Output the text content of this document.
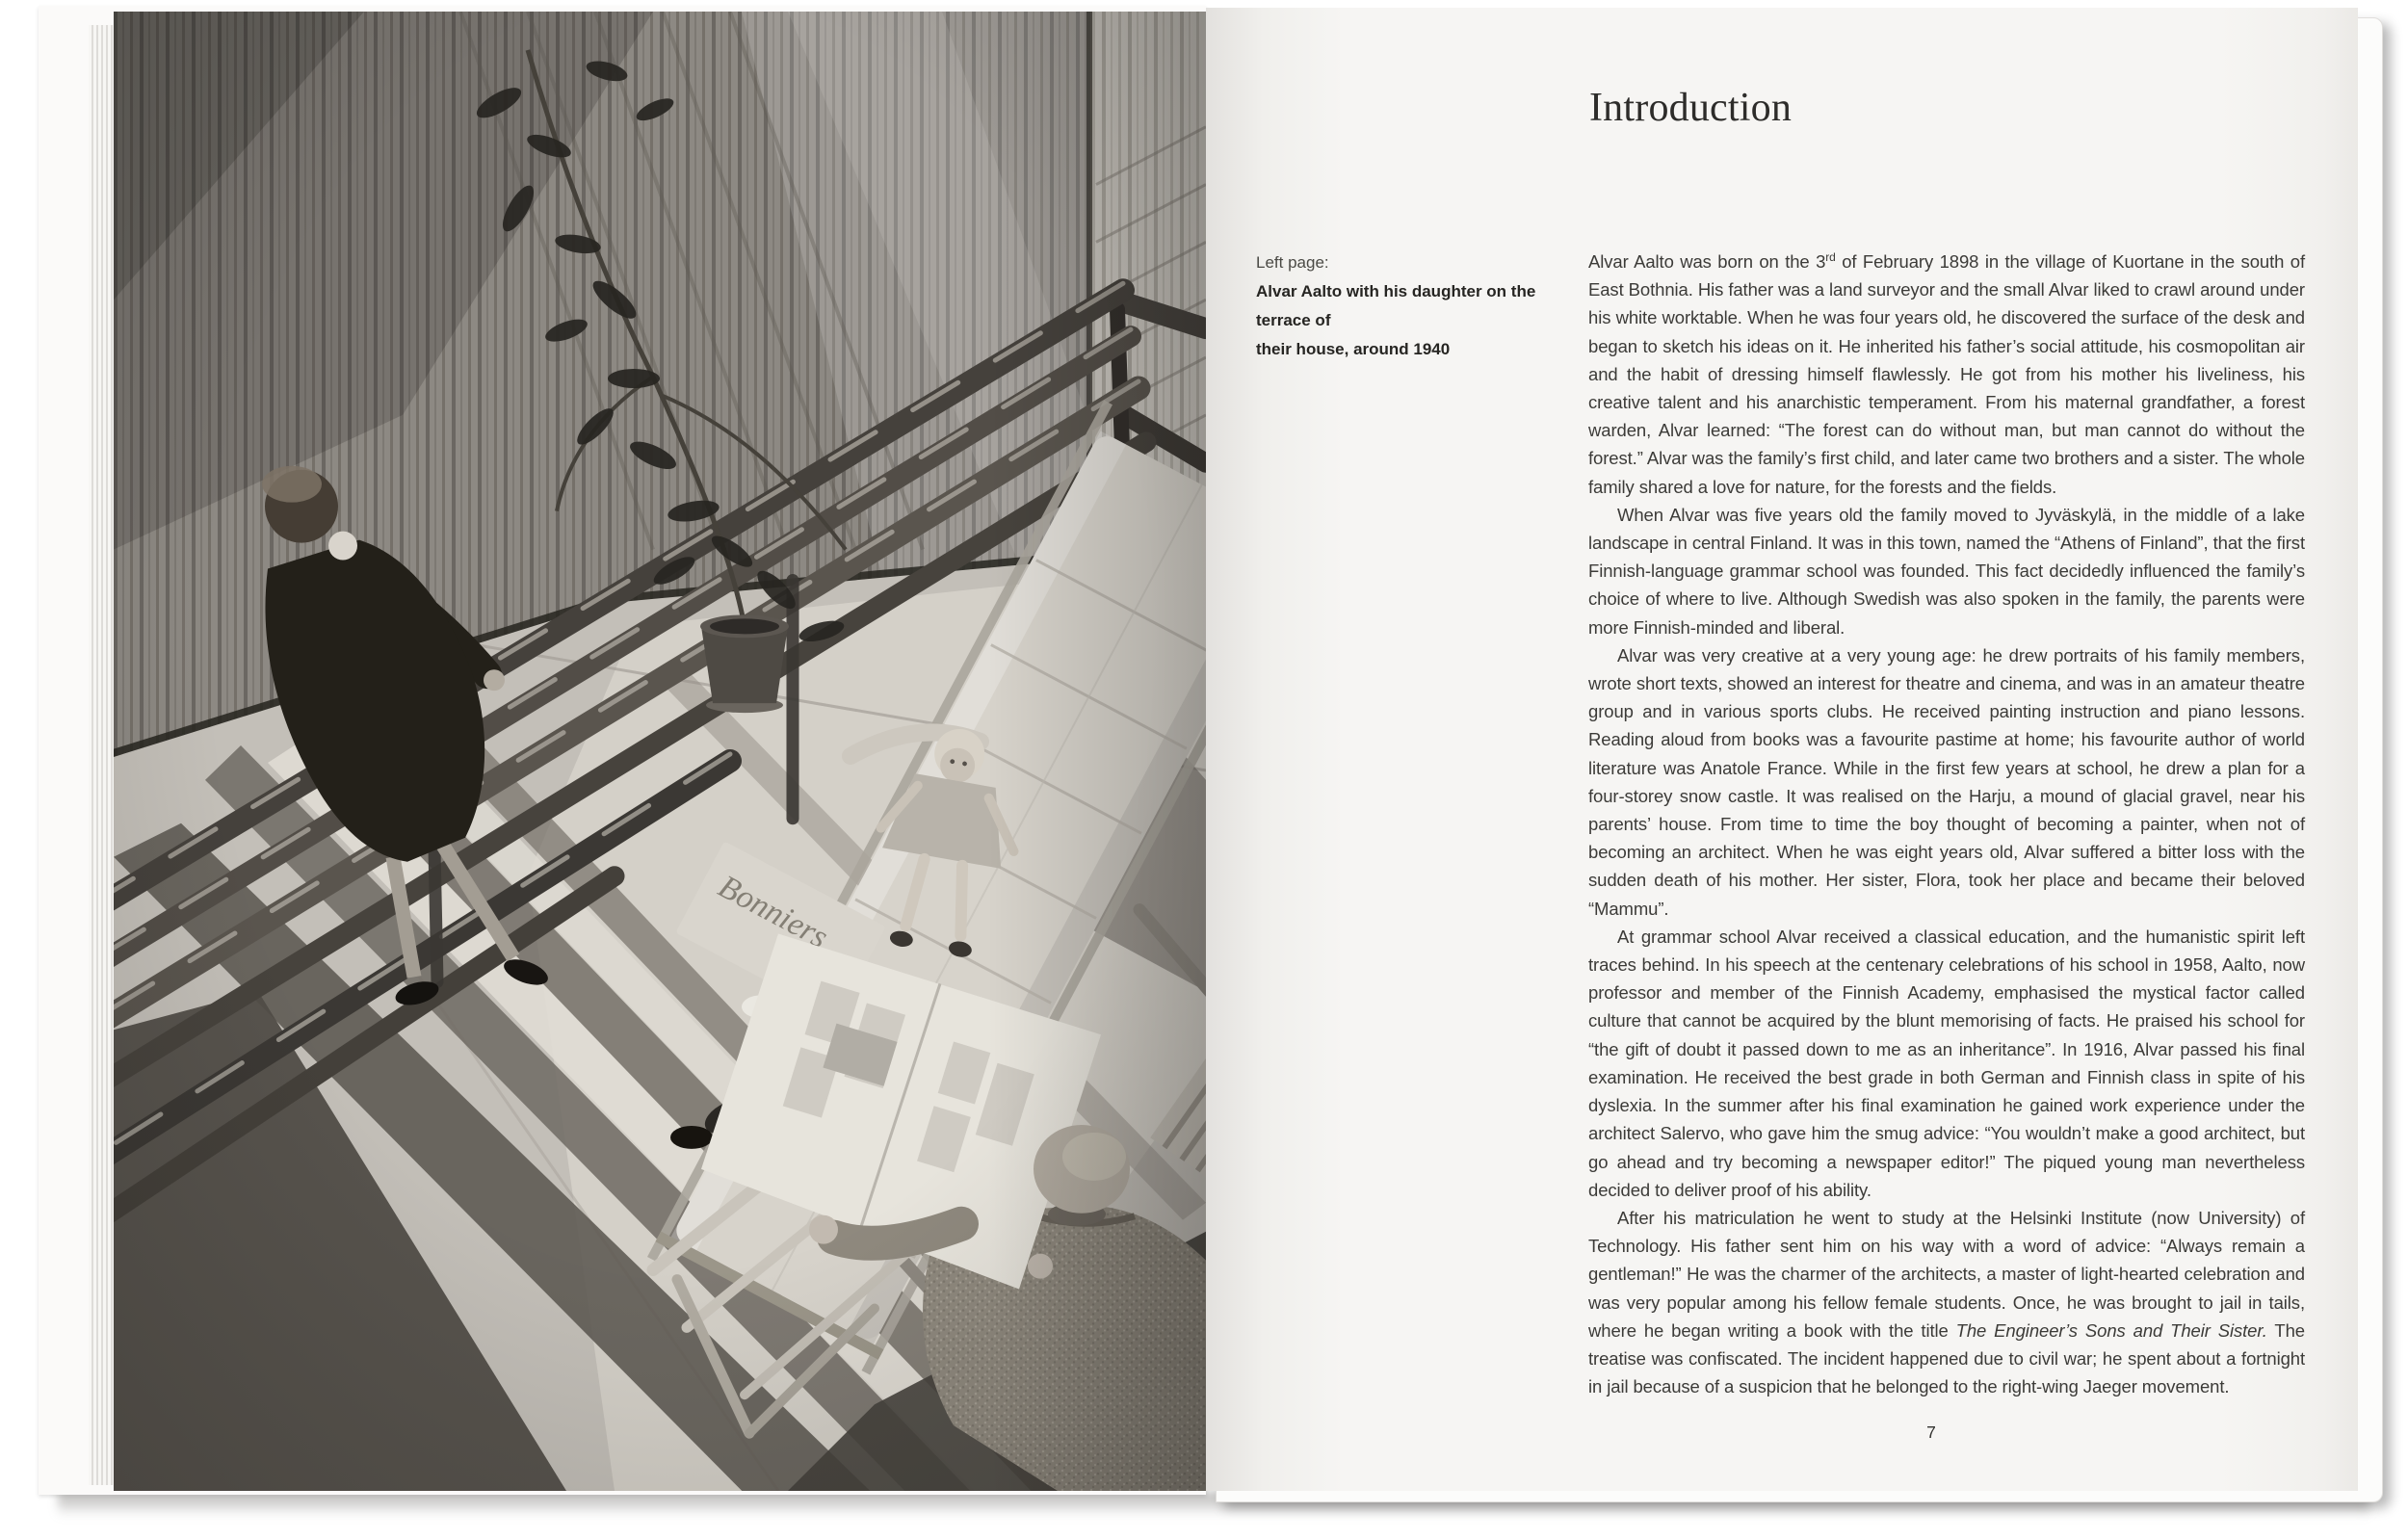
Introduction
Left page:
Alvar Aalto with his daughter on the terrace of
their house, around 1940

Alvar Aalto was born on the 3rd of February 1898 in the village of Kuortane in the south of East Bothnia. His father was a land surveyor and the small Alvar liked to crawl around under his white worktable. When he was four years old, he discovered the surface of the desk and began to sketch his ideas on it. He inherited his father’s social attitude, his cosmopolitan air and the habit of dressing himself flawlessly. He got from his mother his liveliness, his creative talent and his anarchistic temperament. From his maternal grandfather, a forest warden, Alvar learned: “The forest can do without man, but man cannot do without the forest.” Alvar was the family’s first child, and later came two brothers and a sister. The whole family shared a love for nature, for the forests and the fields.

When Alvar was five years old the family moved to Jyväskylä, in the middle of a lake landscape in central Finland. It was in this town, named the “Athens of Finland”, that the first Finnish-language grammar school was founded. This fact decidedly influenced the family’s choice of where to live. Although Swedish was also spoken in the family, the parents were more Finnish-minded and liberal.

Alvar was very creative at a very young age: he drew portraits of his family members, wrote short texts, showed an interest for theatre and cinema, and was in an amateur theatre group and in various sports clubs. He received painting instruction and piano lessons. Reading aloud from books was a favourite pastime at home; his favourite author of world literature was Anatole France. While in the first few years at school, he drew a plan for a four-storey snow castle. It was realised on the Harju, a mound of glacial gravel, near his parents’ house. From time to time the boy thought of becoming a painter, when not of becoming an architect. When he was eight years old, Alvar suffered a bitter loss with the sudden death of his mother. Her sister, Flora, took her place and became their beloved “Mammu”.

At grammar school Alvar received a classical education, and the humanistic spirit left traces behind. In his speech at the centenary celebrations of his school in 1958, Aalto, now professor and member of the Finnish Academy, emphasised the mystical factor called culture that cannot be acquired by the blunt memorising of facts. He praised his school for “the gift of doubt it passed down to me as an inheritance”. In 1916, Alvar passed his final examination. He received the best grade in both German and Finnish class in spite of his dyslexia. In the summer after his final examination he gained work experience under the architect Salervo, who gave him the smug advice: “You wouldn’t make a good architect, but go ahead and try becoming a newspaper editor!” The piqued young man nevertheless decided to deliver proof of his ability.

After his matriculation he went to study at the Helsinki Institute (now University) of Technology. His father sent him on his way with a word of advice: “Always remain a gentleman!” He was the charmer of the architects, a master of light-hearted celebration and was very popular among his fellow female students. Once, he was brought to jail in tails, where he began writing a book with the title The Engineer’s Sons and Their Sister. The treatise was confiscated. The incident happened due to civil war; he spent about a fortnight in jail because of a suspicion that he belonged to the right-wing Jaeger movement.

7
